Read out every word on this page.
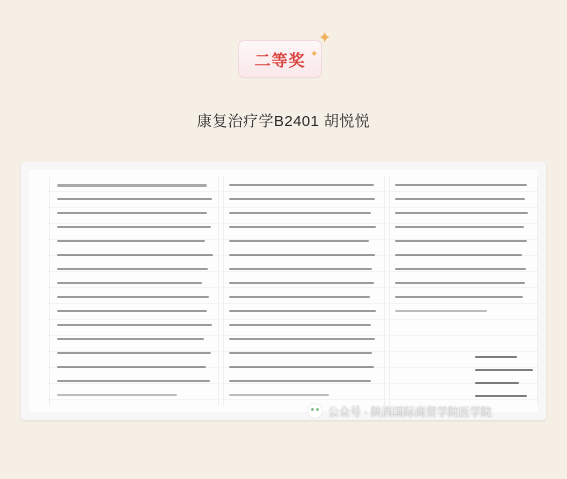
二等奖
✦
✦
康复治疗学B2401 胡悦悦
公众号 · 陕西国际商贸学院医学院
